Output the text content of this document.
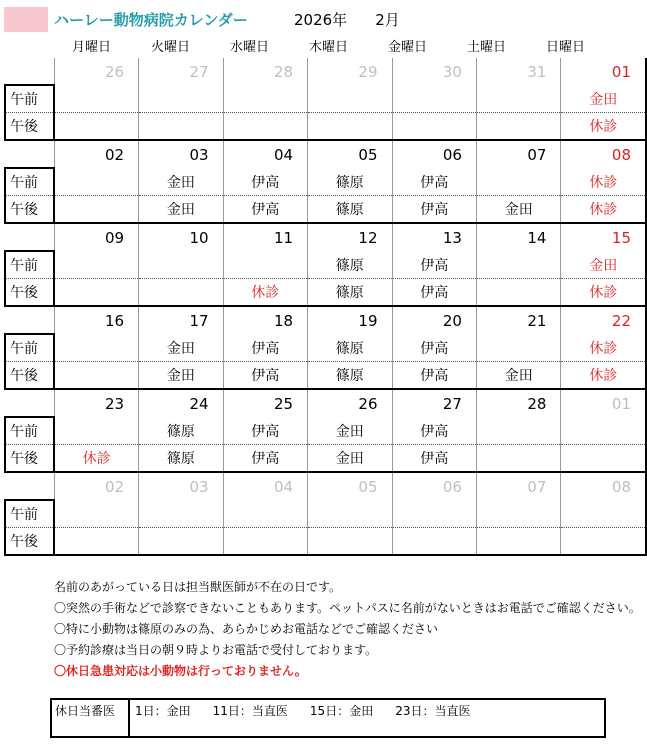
ハーレー動物病院カレンダー	2026年 2月
月曜日	火曜日	水曜日	木曜日	金曜日	土曜日	日曜日
	26	27	28	29	30	31	01
午前							金田
午後							休診
	02	03	04	05	06	07	08
午前		金田	伊高	篠原	伊高		休診
午後		金田	伊高	篠原	伊高	金田	休診
	09	10	11	12	13	14	15
午前				篠原	伊高		金田
午後			休診	篠原	伊高		休診
	16	17	18	19	20	21	22
午前		金田	伊高	篠原	伊高		休診
午後		金田	伊高	篠原	伊高	金田	休診
	23	24	25	26	27	28	01
午前		篠原	伊高	金田	伊高		
午後	休診	篠原	伊高	金田	伊高		
	02	03	04	05	06	07	08
午前							
午後							
名前のあがっている日は担当獣医師が不在の日です。
〇突然の手術などで診察できないこともあります。ペットパスに名前がないときはお電話でご確認ください。
〇特に小動物は篠原のみの為、あらかじめお電話などでご確認ください
〇予約診療は当日の朝９時よりお電話で受付しております。
〇休日急患対応は小動物は行っておりません。
休日当番医	1日：金田 11日：当直医 15日：金田 23日：当直医
